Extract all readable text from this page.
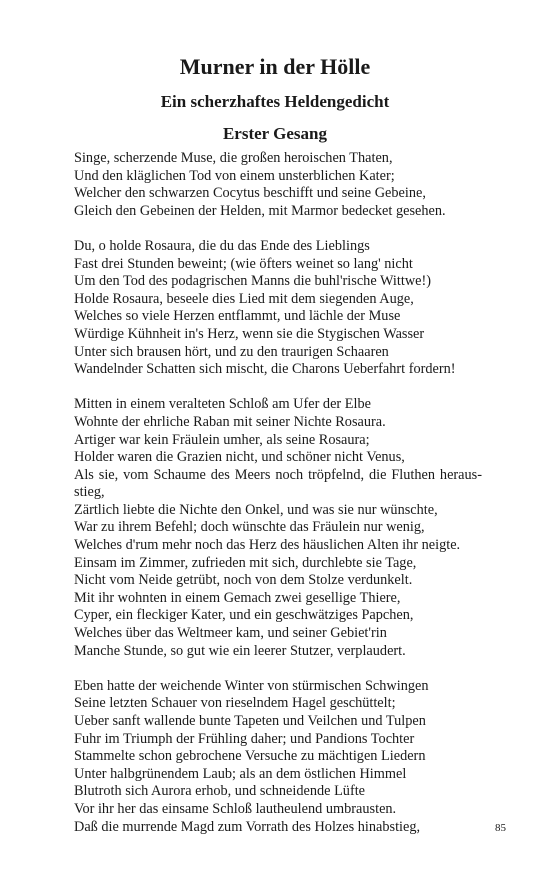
Murner in der Hölle
Ein scherzhaftes Heldengedicht
Erster Gesang
Singe, scherzende Muse, die großen heroischen Thaten,
Und den kläglichen Tod von einem unsterblichen Kater;
Welcher den schwarzen Cocytus beschifft und seine Gebeine,
Gleich den Gebeinen der Helden, mit Marmor bedecket gesehen.
Du, o holde Rosaura, die du das Ende des Lieblings
Fast drei Stunden beweint; (wie öfters weinet so lang' nicht
Um den Tod des podagrischen Manns die buhl'rische Wittwe!)
Holde Rosaura, beseele dies Lied mit dem siegenden Auge,
Welches so viele Herzen entflammt, und lächle der Muse
Würdige Kühnheit in's Herz, wenn sie die Stygischen Wasser
Unter sich brausen hört, und zu den traurigen Schaaren
Wandelnder Schatten sich mischt, die Charons Ueberfahrt fordern!
Mitten in einem veralteten Schloß am Ufer der Elbe
Wohnte der ehrliche Raban mit seiner Nichte Rosaura.
Artiger war kein Fräulein umher, als seine Rosaura;
Holder waren die Grazien nicht, und schöner nicht Venus,
Als sie, vom Schaume des Meers noch tröpfelnd, die Fluthen heraus-
stieg,
Zärtlich liebte die Nichte den Onkel, und was sie nur wünschte,
War zu ihrem Befehl; doch wünschte das Fräulein nur wenig,
Welches d'rum mehr noch das Herz des häuslichen Alten ihr neigte.
Einsam im Zimmer, zufrieden mit sich, durchlebte sie Tage,
Nicht vom Neide getrübt, noch von dem Stolze verdunkelt.
Mit ihr wohnten in einem Gemach zwei gesellige Thiere,
Cyper, ein fleckiger Kater, und ein geschwätziges Papchen,
Welches über das Weltmeer kam, und seiner Gebiet'rin
Manche Stunde, so gut wie ein leerer Stutzer, verplaudert.
Eben hatte der weichende Winter von stürmischen Schwingen
Seine letzten Schauer von rieselndem Hagel geschüttelt;
Ueber sanft wallende bunte Tapeten und Veilchen und Tulpen
Fuhr im Triumph der Frühling daher; und Pandions Tochter
Stammelte schon gebrochene Versuche zu mächtigen Liedern
Unter halbgrünendem Laub; als an dem östlichen Himmel
Blutroth sich Aurora erhob, und schneidende Lüfte
Vor ihr her das einsame Schloß lautheulend umbrausten.
Daß die murrende Magd zum Vorrath des Holzes hinabstieg,	85
